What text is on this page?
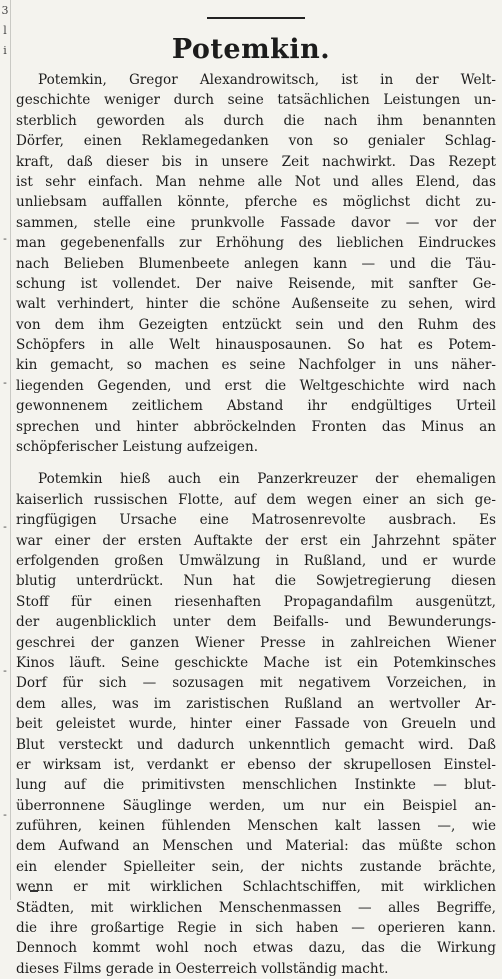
3
l
i
-
-
-
-
-
Potemkin.
Potemkin, Gregor Alexandrowitsch, ist in der Welt-
geschichte weniger durch seine tatsächlichen Leistungen un-
sterblich geworden als durch die nach ihm benannten
Dörfer, einen Reklamegedanken von so genialer Schlag-
kraft, daß dieser bis in unsere Zeit nachwirkt. Das Rezept
ist sehr einfach. Man nehme alle Not und alles Elend, das
unliebsam auffallen könnte, pferche es möglichst dicht zu-
sammen, stelle eine prunkvolle Fassade davor — vor der
man gegebenenfalls zur Erhöhung des lieblichen Eindruckes
nach Belieben Blumenbeete anlegen kann — und die Täu-
schung ist vollendet. Der naive Reisende, mit sanfter Ge-
walt verhindert, hinter die schöne Außenseite zu sehen, wird
von dem ihm Gezeigten entzückt sein und den Ruhm des
Schöpfers in alle Welt hinausposaunen. So hat es Potem-
kin gemacht, so machen es seine Nachfolger in uns näher-
liegenden Gegenden, und erst die Weltgeschichte wird nach
gewonnenem zeitlichem Abstand ihr endgültiges Urteil
sprechen und hinter abbröckelnden Fronten das Minus an
schöpferischer Leistung aufzeigen.
Potemkin hieß auch ein Panzerkreuzer der ehemaligen
kaiserlich russischen Flotte, auf dem wegen einer an sich ge-
ringfügigen Ursache eine Matrosenrevolte ausbrach. Es
war einer der ersten Auftakte der erst ein Jahrzehnt später
erfolgenden großen Umwälzung in Rußland, und er wurde
blutig unterdrückt. Nun hat die Sowjetregierung diesen
Stoff für einen riesenhaften Propagandafilm ausgenützt,
der augenblicklich unter dem Beifalls- und Bewunderungs-
geschrei der ganzen Wiener Presse in zahlreichen Wiener
Kinos läuft. Seine geschickte Mache ist ein Potemkinsches
Dorf für sich — sozusagen mit negativem Vorzeichen, in
dem alles, was im zaristischen Rußland an wertvoller Ar-
beit geleistet wurde, hinter einer Fassade von Greueln und
Blut versteckt und dadurch unkenntlich gemacht wird. Daß
er wirksam ist, verdankt er ebenso der skrupellosen Einstel-
lung auf die primitivsten menschlichen Instinkte — blut-
überronnene Säuglinge werden, um nur ein Beispiel an-
zuführen, keinen fühlenden Menschen kalt lassen —, wie
dem Aufwand an Menschen und Material: das müßte schon
ein elender Spielleiter sein, der nichts zustande brächte,
wenn er mit wirklichen Schlachtschiffen, mit wirklichen
Städten, mit wirklichen Menschenmassen — alles Begriffe,
die ihre großartige Regie in sich haben — operieren kann.
Dennoch kommt wohl noch etwas dazu, das die Wirkung
dieses Films gerade in Oesterreich vollständig macht.
